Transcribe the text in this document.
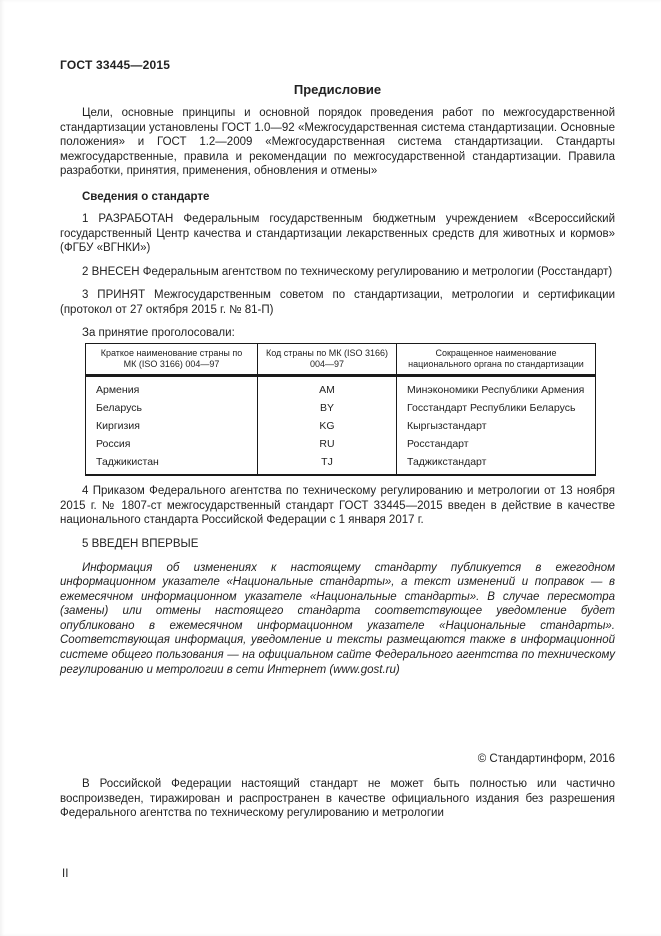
ГОСТ 33445—2015
Предисловие

Цели, основные принципы и основной порядок проведения работ по межгосударственной стандартизации установлены ГОСТ 1.0—92 «Межгосударственная система стандартизации. Основные положения» и ГОСТ 1.2—2009 «Межгосударственная система стандартизации. Стандарты межгосударственные, правила и рекомендации по межгосударственной стандартизации. Правила разработки, принятия, применения, обновления и отмены»

Сведения о стандарте

1 РАЗРАБОТАН Федеральным государственным бюджетным учреждением «Всероссийский государственный Центр качества и стандартизации лекарственных средств для животных и кормов» (ФГБУ «ВГНКИ»)

2 ВНЕСЕН Федеральным агентством по техническому регулированию и метрологии (Росстандарт)

3 ПРИНЯТ Межгосударственным советом по стандартизации, метрологии и сертификации (протокол от 27 октября 2015 г. № 81-П)

За принятие проголосовали:

Краткое наименование страны по МК (ISO 3166) 004—97	Код страны по МК (ISO 3166) 004—97	Сокращенное наименование национального органа по стандартизации
Армения	AM	Минэкономики Республики Армения
Беларусь	BY	Госстандарт Республики Беларусь
Киргизия	KG	Кыргызстандарт
Россия	RU	Росстандарт
Таджикистан	TJ	Таджикстандарт

4 Приказом Федерального агентства по техническому регулированию и метрологии от 13 ноября 2015 г. № 1807-ст межгосударственный стандарт ГОСТ 33445—2015 введен в действие в качестве национального стандарта Российской Федерации с 1 января 2017 г.

5 ВВЕДЕН ВПЕРВЫЕ

Информация об изменениях к настоящему стандарту публикуется в ежегодном информационном указателе «Национальные стандарты», а текст изменений и поправок — в ежемесячном информационном указателе «Национальные стандарты». В случае пересмотра (замены) или отмены настоящего стандарта соответствующее уведомление будет опубликовано в ежемесячном информационном указателе «Национальные стандарты». Соответствующая информация, уведомление и тексты размещаются также в информационной системе общего пользования — на официальном сайте Федерального агентства по техническому регулированию и метрологии в сети Интернет (www.gost.ru)

© Стандартинформ, 2016

В Российской Федерации настоящий стандарт не может быть полностью или частично воспроизведен, тиражирован и распространен в качестве официального издания без разрешения Федерального агентства по техническому регулированию и метрологии

II
